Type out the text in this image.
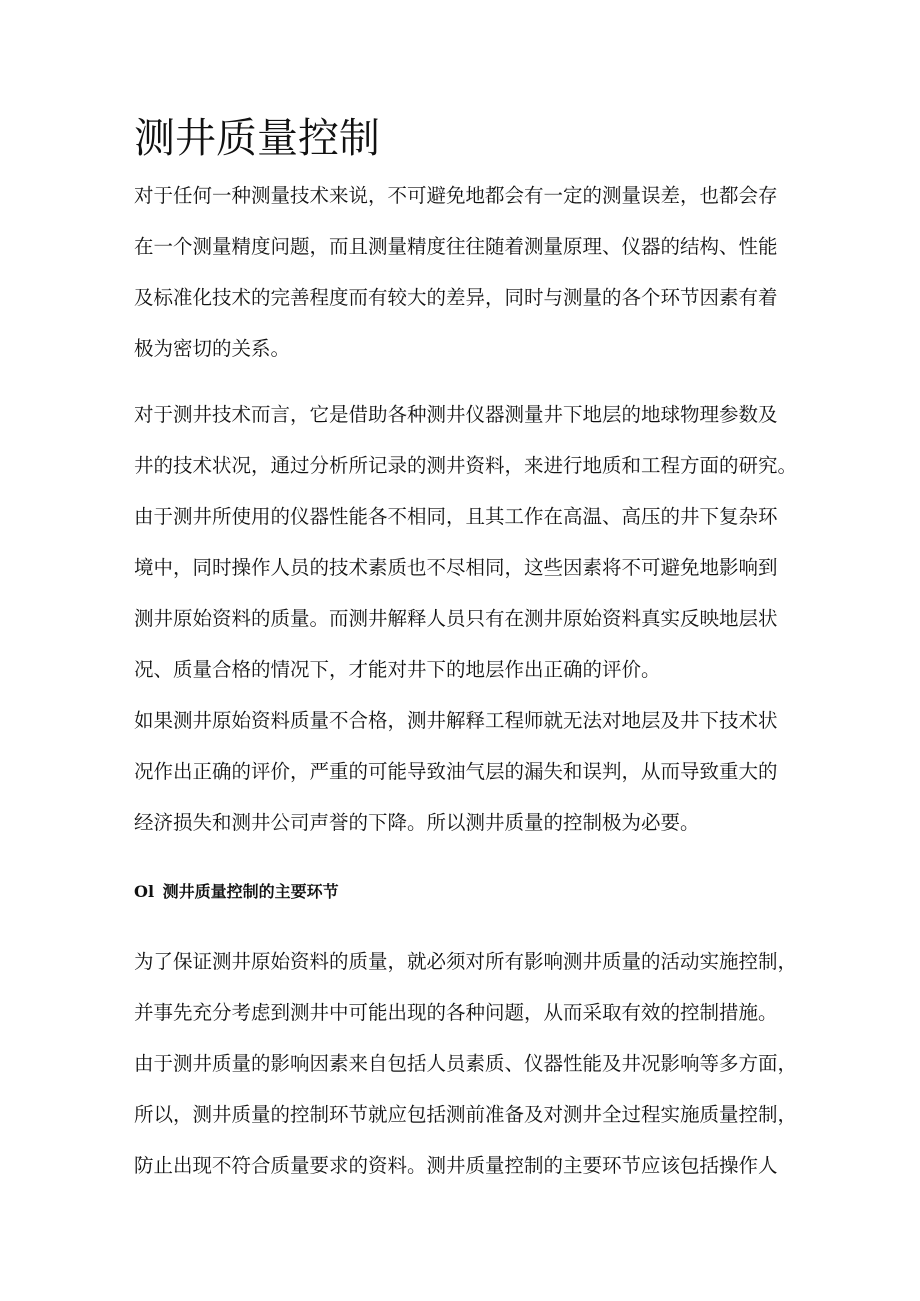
测井质量控制

对于任何一种测量技术来说，不可避免地都会有一定的测量误差，也都会存
在一个测量精度问题，而且测量精度往往随着测量原理、仪器的结构、性能
及标准化技术的完善程度而有较大的差异，同时与测量的各个环节因素有着
极为密切的关系。

对于测井技术而言，它是借助各种测井仪器测量井下地层的地球物理参数及
井的技术状况，通过分析所记录的测井资料，来进行地质和工程方面的研究。
由于测井所使用的仪器性能各不相同，且其工作在高温、高压的井下复杂环
境中，同时操作人员的技术素质也不尽相同，这些因素将不可避免地影响到
测井原始资料的质量。而测井解释人员只有在测井原始资料真实反映地层状
况、质量合格的情况下，才能对井下的地层作出正确的评价。

如果测井原始资料质量不合格，测井解释工程师就无法对地层及井下技术状
况作出正确的评价，严重的可能导致油气层的漏失和误判，从而导致重大的
经济损失和测井公司声誉的下降。所以测井质量的控制极为必要。

Ol 测井质量控制的主要环节

为了保证测井原始资料的质量，就必须对所有影响测井质量的活动实施控制，
并事先充分考虑到测井中可能出现的各种问题，从而采取有效的控制措施。
由于测井质量的影响因素来自包括人员素质、仪器性能及井况影响等多方面，
所以，测井质量的控制环节就应包括测前准备及对测井全过程实施质量控制，
防止出现不符合质量要求的资料。测井质量控制的主要环节应该包括操作人
